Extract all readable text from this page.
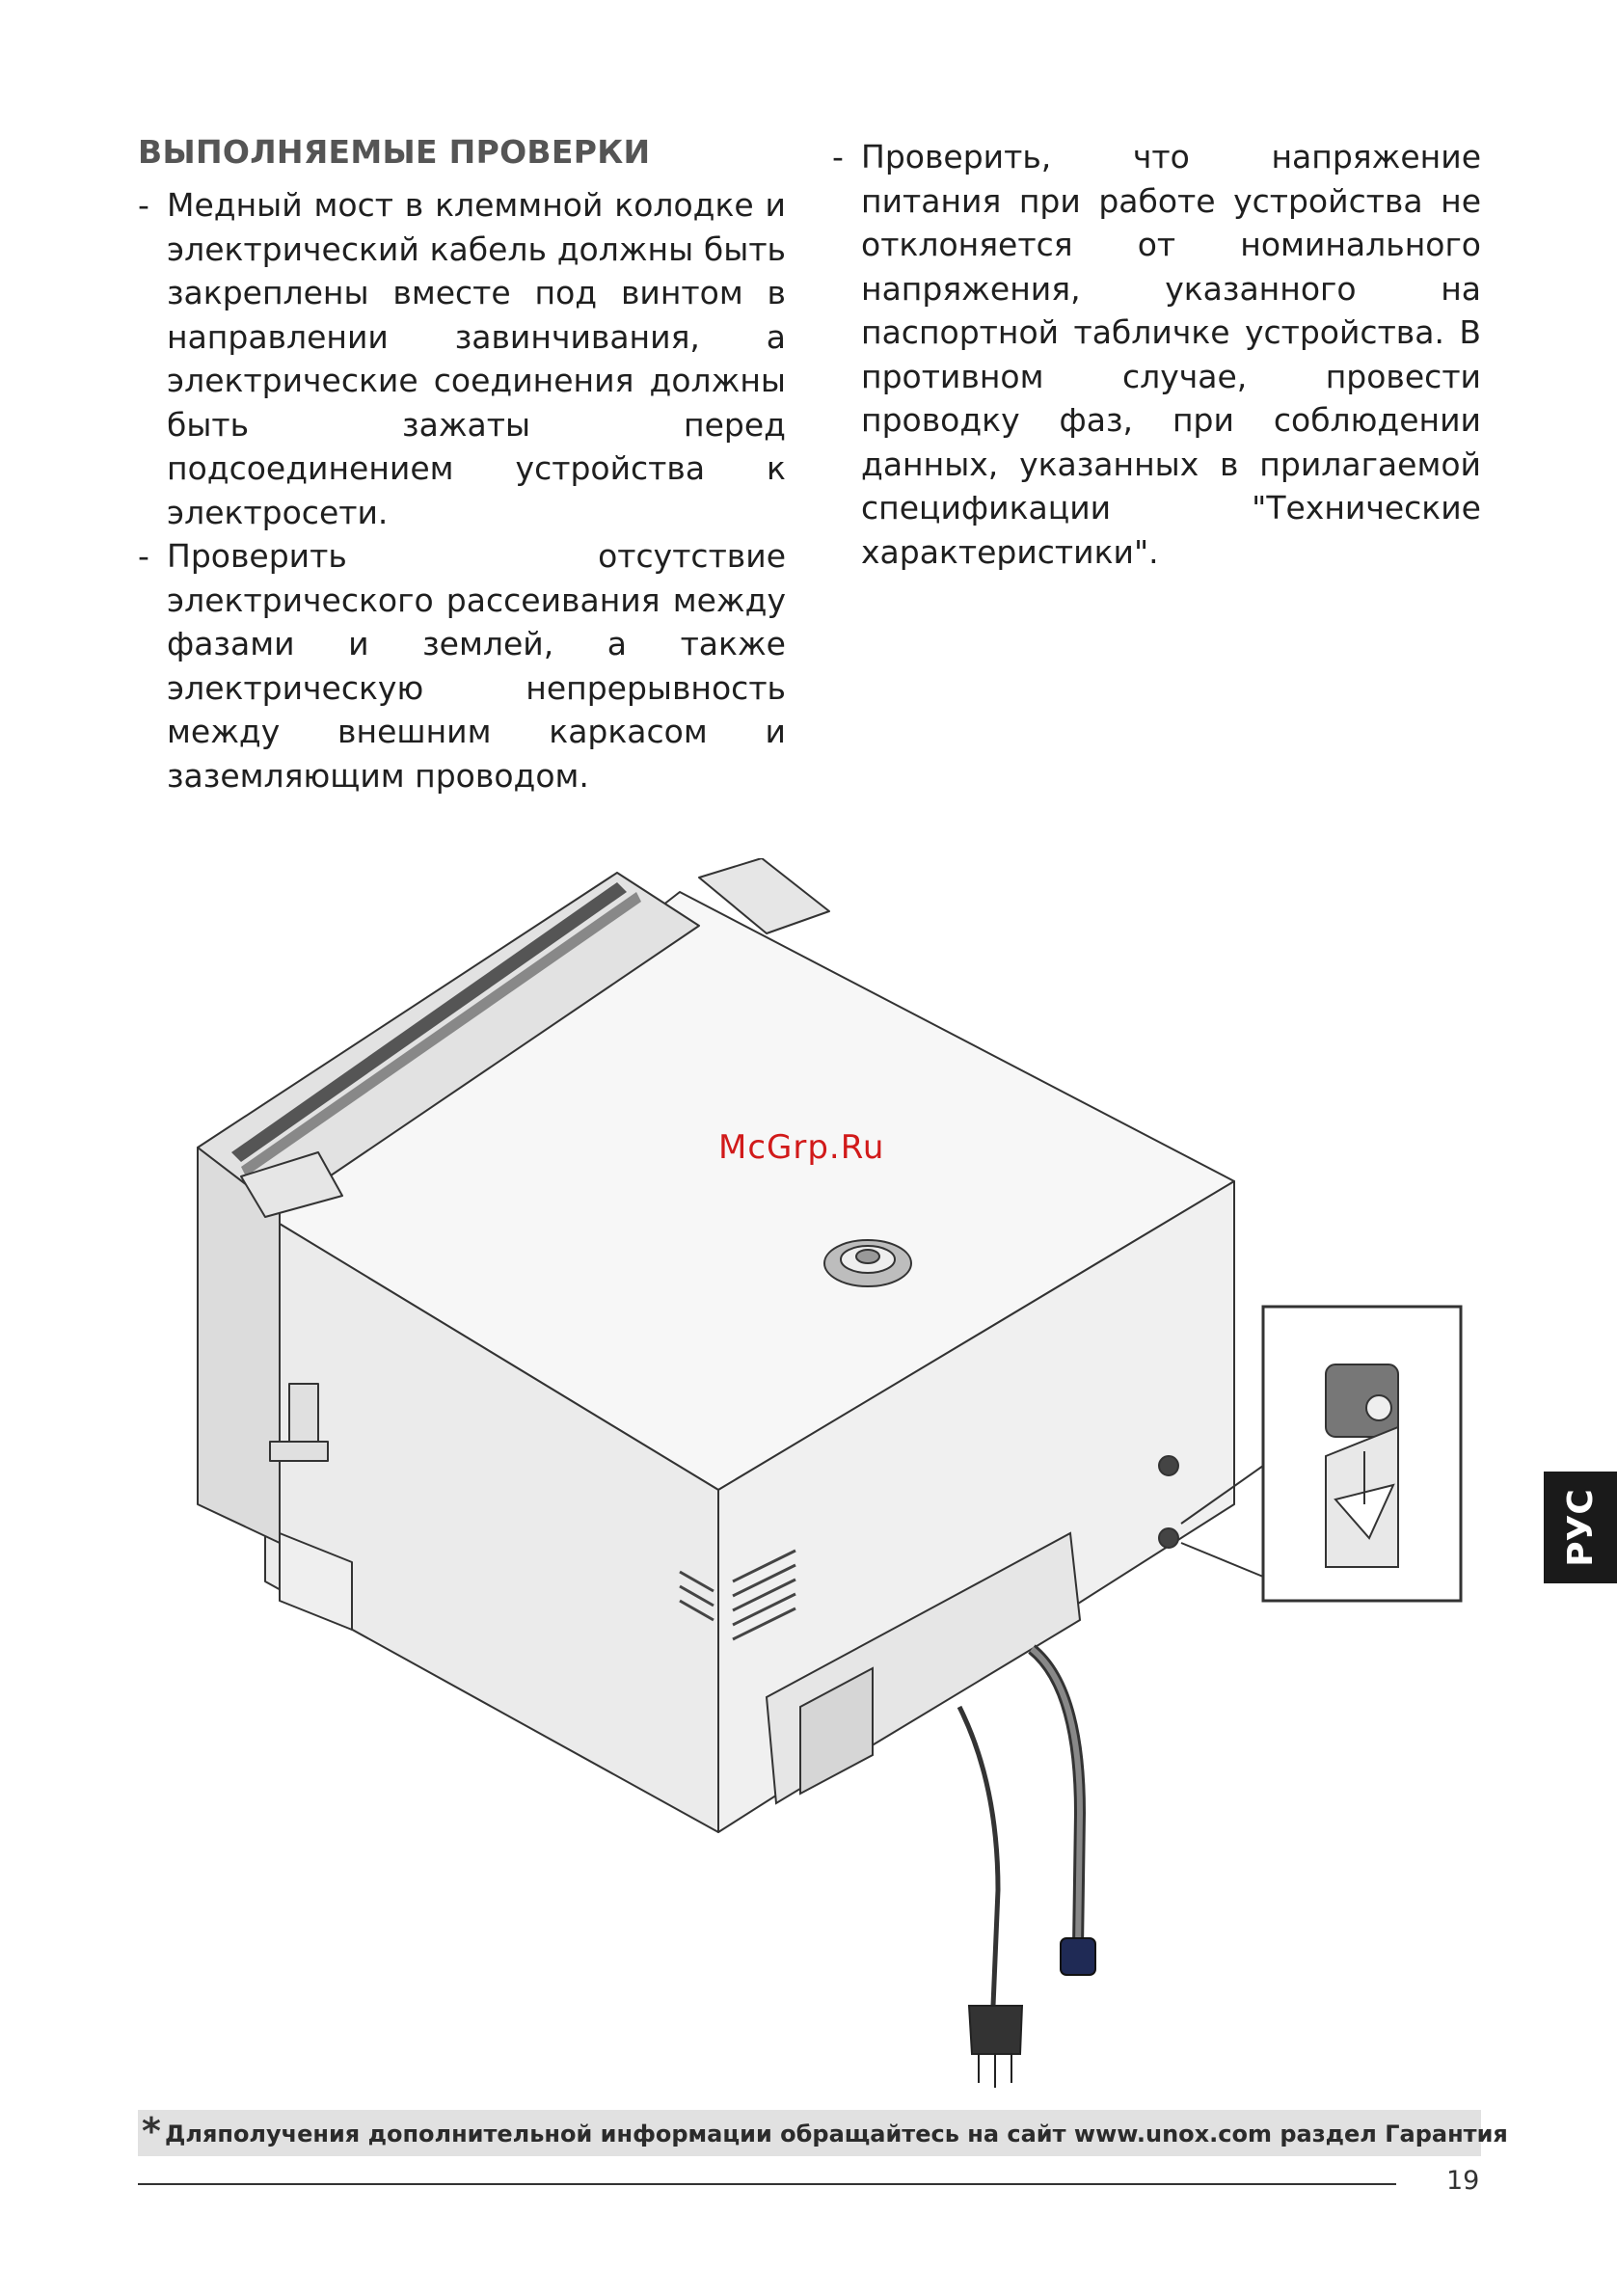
ВЫПОЛНЯЕМЫЕ ПРОВЕРКИ

- Медный мост в клеммной колодке и электрический кабель должны быть закреплены вместе под винтом в направлении завинчивания, а электрические соединения должны быть зажаты перед подсоединением устройства к электросети.

- Проверить отсутствие электрического рассеивания между фазами и землей, а также электрическую непрерывность между внешним каркасом и заземляющим проводом.

- Проверить, что напряжение питания при работе устройства не отклоняется от номинального напряжения, указанного на паспортной табличке устройства. В противном случае, провести проводку фаз, при соблюдении данных, указанных в прилагаемой спецификации "Технические характеристики".

McGrp.Ru
* Дляполучения дополнительной информации обращайтесь на сайт www.unox.com раздел Гарантия
19
РУС
